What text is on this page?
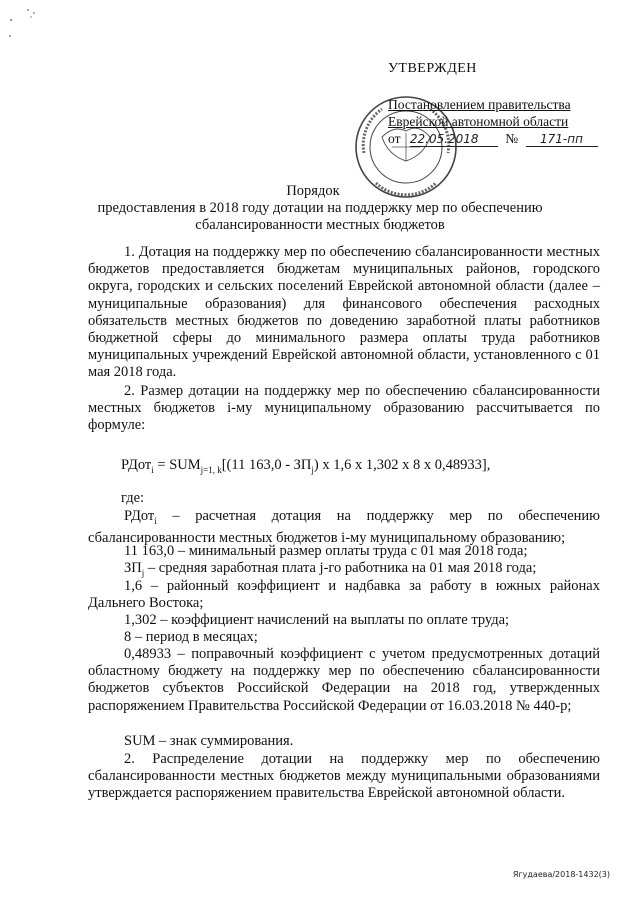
УТВЕРЖДЕН
Постановлением правительства
Еврейской автономной области
от 22.05.2018 № 171-пп
Порядок
предоставления в 2018 году дотации на поддержку мер по обеспечению
сбалансированности местных бюджетов
1. Дотация на поддержку мер по обеспечению сбалансированности местных бюджетов предоставляется бюджетам муниципальных районов, городского округа, городских и сельских поселений Еврейской автономной области (далее – муниципальные образования) для финансового обеспечения расходных обязательств местных бюджетов по доведению заработной платы работников бюджетной сферы до минимального размера оплаты труда работников муниципальных учреждений Еврейской автономной области, установленного с 01 мая 2018 года.
2. Размер дотации на поддержку мер по обеспечению сбалансированности местных бюджетов i-му муниципальному образованию рассчитывается по формуле:
РДот$_i$ = $SUM_{j=1, k}[(11$ $163,0 - ЗП_j$) x 1,6 x 1,302 x 8 x 0,48933],
где:
РДот$_i$ – расчетная дотация на поддержку мер по обеспечению сбалансированности местных бюджетов i-му муниципальному образованию;
11 163,0 – минимальный размер оплаты труда с 01 мая 2018 года;
$ЗП_j$ – средняя заработная плата j-го работника на 01 мая 2018 года;
1,6 – районный коэффициент и надбавка за работу в южных районах Дальнего Востока;
1,302 – коэффициент начислений на выплаты по оплате труда;
8 – период в месяцах;
0,48933 – поправочный коэффициент с учетом предусмотренных дотаций областному бюджету на поддержку мер по обеспечению сбалансированности бюджетов субъектов Российской Федерации на 2018 год, утвержденных распоряжением Правительства Российской Федерации от 16.03.2018 № 440-р;
SUM – знак суммирования.
2. Распределение дотации на поддержку мер по обеспечению сбалансированности местных бюджетов между муниципальными образованиями утверждается распоряжением правительства Еврейской автономной области.
Ягудаева/2018-1432(3)
